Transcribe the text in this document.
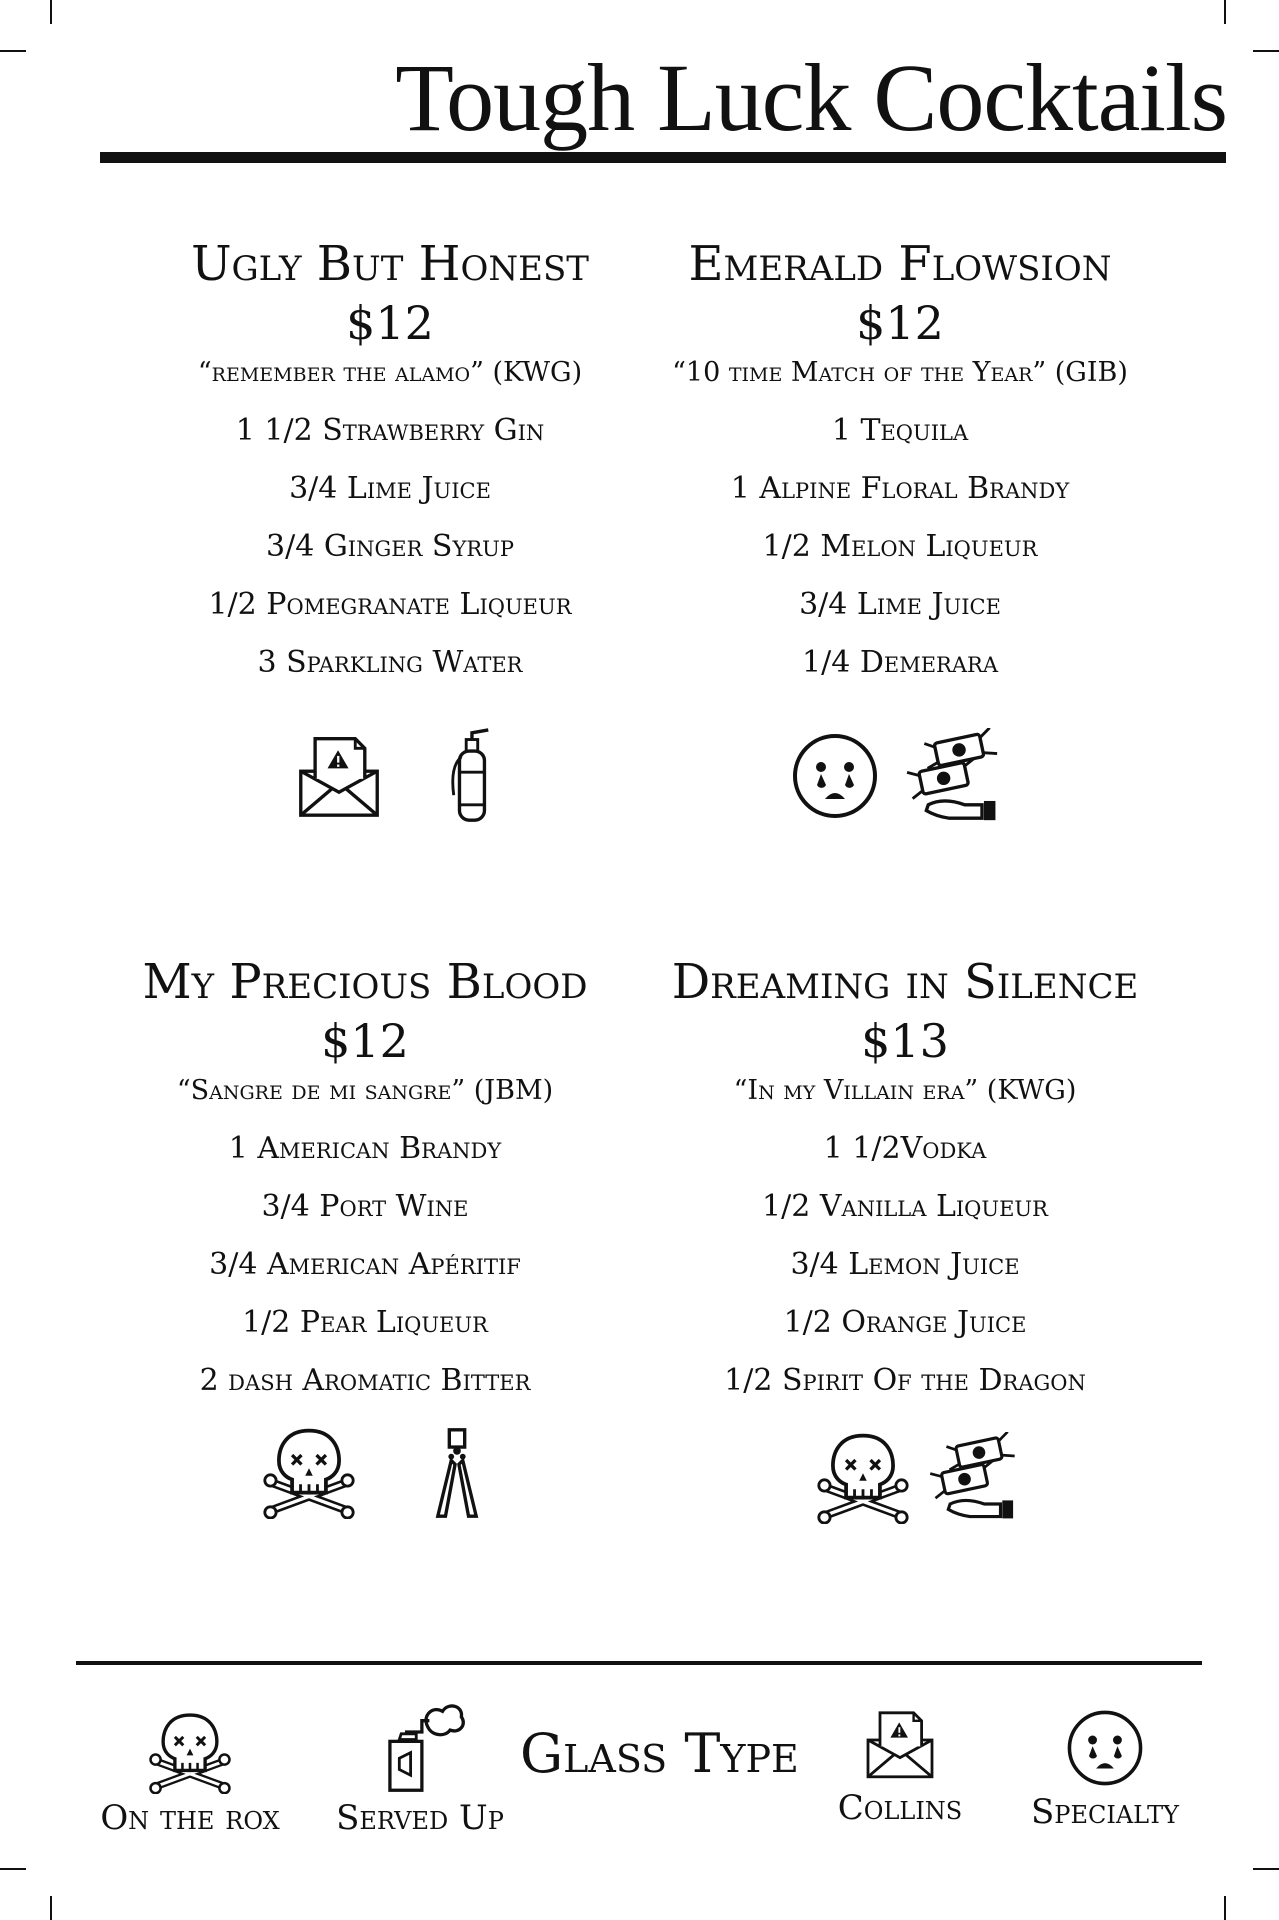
Tough Luck Cocktails
Ugly But Honest
$12
“remember the alamo” (KWG)
1 1/2 Strawberry Gin
3/4 Lime Juice
3/4 Ginger Syrup
1/2 Pomegranate Liqueur
3 Sparkling Water
Emerald Flowsion
$12
“10 time Match of the Year” (GIB)
1 Tequila
1 Alpine Floral Brandy
1/2 Melon Liqueur
3/4 Lime Juice
1/4 Demerara
My Precious Blood
$12
“Sangre de mi sangre” (JBM)
1 American Brandy
3/4 Port Wine
3/4 American Apéritif
1/2 Pear Liqueur
2 dash Aromatic Bitter
Dreaming in Silence
$13
“In my Villain era” (KWG)
1 1/2Vodka
1/2 Vanilla Liqueur
3/4 Lemon Juice
1/2 Orange Juice
1/2 Spirit Of the Dragon
On the rox	Served Up
Glass Type
Collins	Specialty
